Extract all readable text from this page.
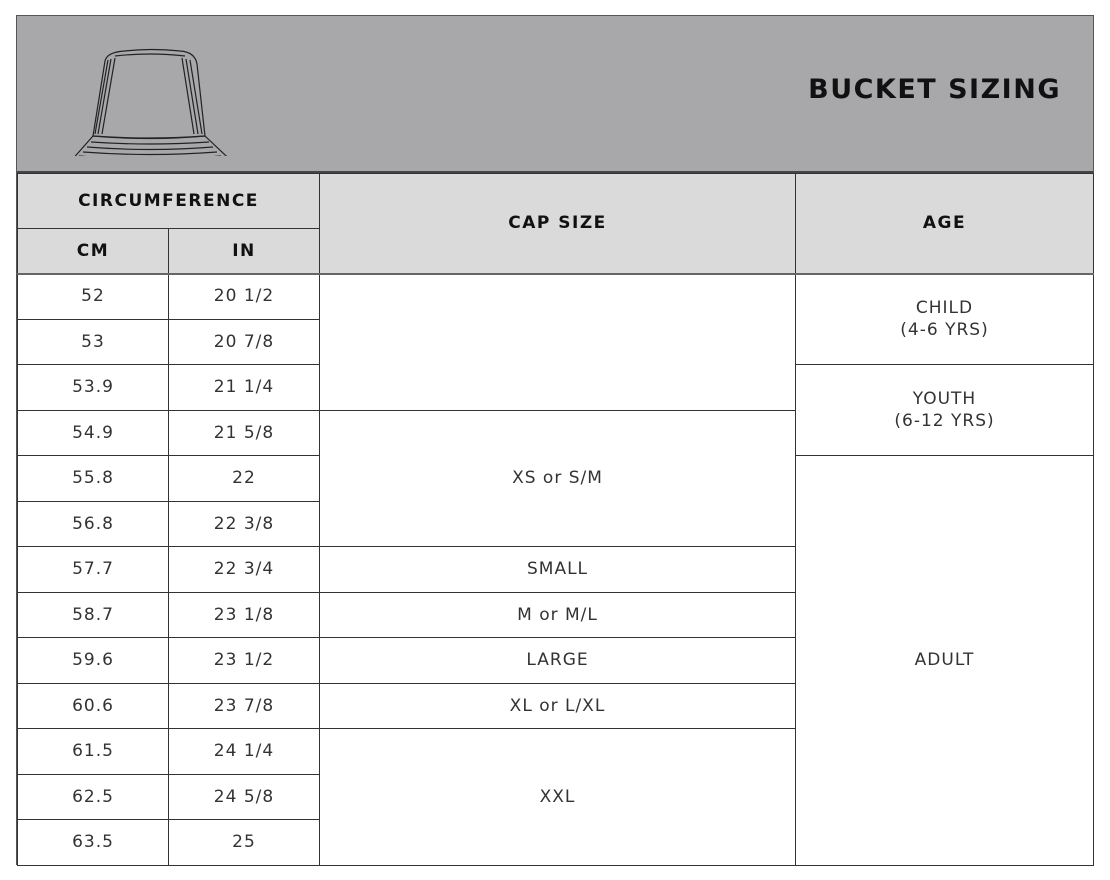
BUCKET SIZING
CIRCUMFERENCE		CAP SIZE	AGE
CM	IN		
52	20 1/2		CHILD
(4-6 YRS)
53	20 7/8		
53.9	21 1/4		YOUTH
(6-12 YRS)
54.9	21 5/8	XS or S/M	
55.8	22		ADULT
56.8	22 3/8		
57.7	22 3/4	SMALL	
58.7	23 1/8	M or M/L	
59.6	23 1/2	LARGE	
60.6	23 7/8	XL or L/XL	
61.5	24 1/4	XXL	
62.5	24 5/8		
63.5	25		
